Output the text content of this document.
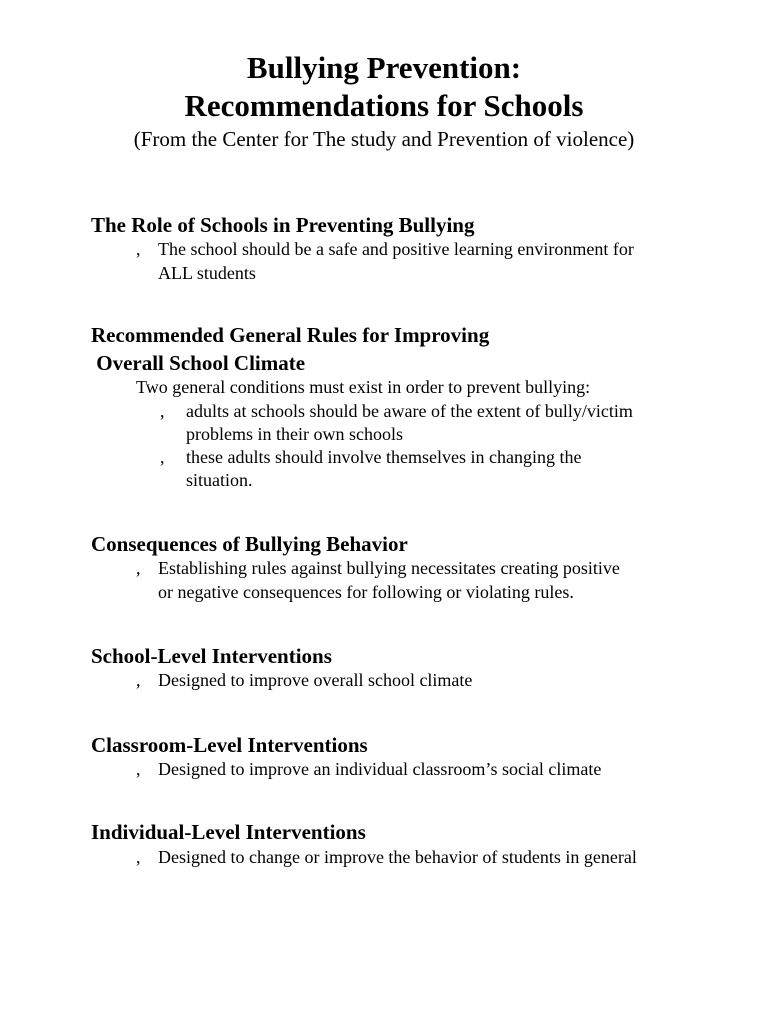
Bullying Prevention:
Recommendations for Schools
(From the Center for The study and Prevention of violence)
The Role of Schools in Preventing Bullying
, The school should be a safe and positive learning environment for
ALL students
Recommended General Rules for Improving
Overall School Climate
Two general conditions must exist in order to prevent bullying:
, adults at schools should be aware of the extent of bully/victim
problems in their own schools
, these adults should involve themselves in changing the
situation.
Consequences of Bullying Behavior
, Establishing rules against bullying necessitates creating positive
or negative consequences for following or violating rules.
School-Level Interventions
, Designed to improve overall school climate
Classroom-Level Interventions
, Designed to improve an individual classroom’s social climate
Individual-Level Interventions
, Designed to change or improve the behavior of students in general
